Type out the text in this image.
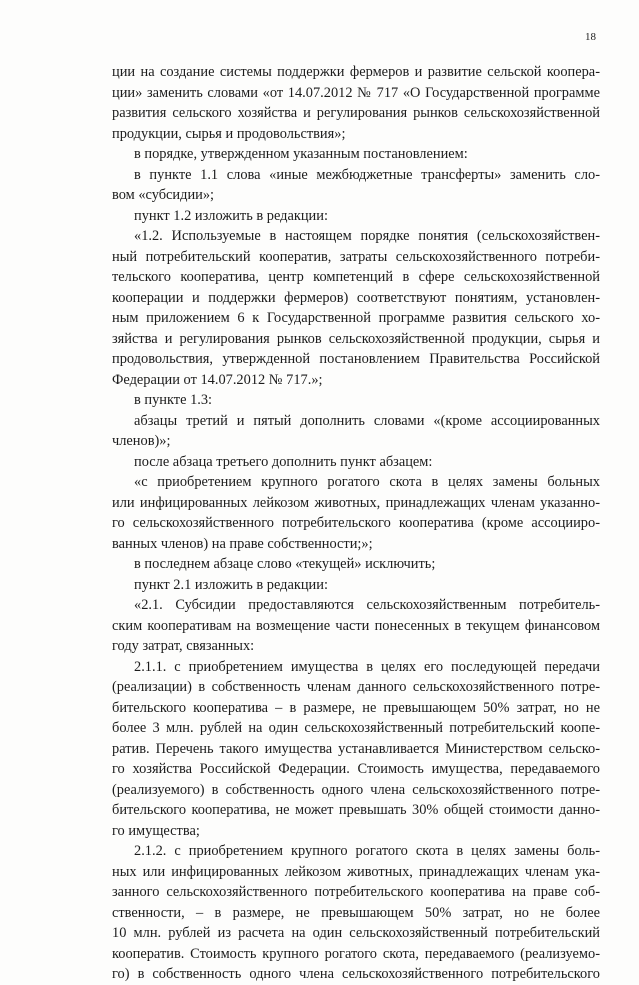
18
ции на создание системы поддержки фермеров и развитие сельской коопера-
ции» заменить словами «от 14.07.2012 № 717 «О Государственной программе
развития сельского хозяйства и регулирования рынков сельскохозяйственной
продукции, сырья и продовольствия»;
в порядке, утвержденном указанным постановлением:
в пункте 1.1 слова «иные межбюджетные трансферты» заменить сло-
вом «субсидии»;
пункт 1.2 изложить в редакции:
«1.2. Используемые в настоящем порядке понятия (сельскохозяйствен-
ный потребительский кооператив, затраты сельскохозяйственного потреби-
тельского кооператива, центр компетенций в сфере сельскохозяйственной
кооперации и поддержки фермеров) соответствуют понятиям, установлен-
ным приложением 6 к Государственной программе развития сельского хо-
зяйства и регулирования рынков сельскохозяйственной продукции, сырья и
продовольствия, утвержденной постановлением Правительства Российской
Федерации от 14.07.2012 № 717.»;
в пункте 1.3:
абзацы третий и пятый дополнить словами «(кроме ассоциированных
членов)»;
после абзаца третьего дополнить пункт абзацем:
«с приобретением крупного рогатого скота в целях замены больных
или инфицированных лейкозом животных, принадлежащих членам указанно-
го сельскохозяйственного потребительского кооператива (кроме ассоцииро-
ванных членов) на праве собственности;»;
в последнем абзаце слово «текущей» исключить;
пункт 2.1 изложить в редакции:
«2.1. Субсидии предоставляются сельскохозяйственным потребитель-
ским кооперативам на возмещение части понесенных в текущем финансовом
году затрат, связанных:
2.1.1. с приобретением имущества в целях его последующей передачи
(реализации) в собственность членам данного сельскохозяйственного потре-
бительского кооператива – в размере, не превышающем 50% затрат, но не
более 3 млн. рублей на один сельскохозяйственный потребительский коопе-
ратив. Перечень такого имущества устанавливается Министерством сельско-
го хозяйства Российской Федерации. Стоимость имущества, передаваемого
(реализуемого) в собственность одного члена сельскохозяйственного потре-
бительского кооператива, не может превышать 30% общей стоимости данно-
го имущества;
2.1.2. с приобретением крупного рогатого скота в целях замены боль-
ных или инфицированных лейкозом животных, принадлежащих членам ука-
занного сельскохозяйственного потребительского кооператива на праве соб-
ственности, – в размере, не превышающем 50% затрат, но не более
10 млн. рублей из расчета на один сельскохозяйственный потребительский
кооператив. Стоимость крупного рогатого скота, передаваемого (реализуемо-
го) в собственность одного члена сельскохозяйственного потребительского
